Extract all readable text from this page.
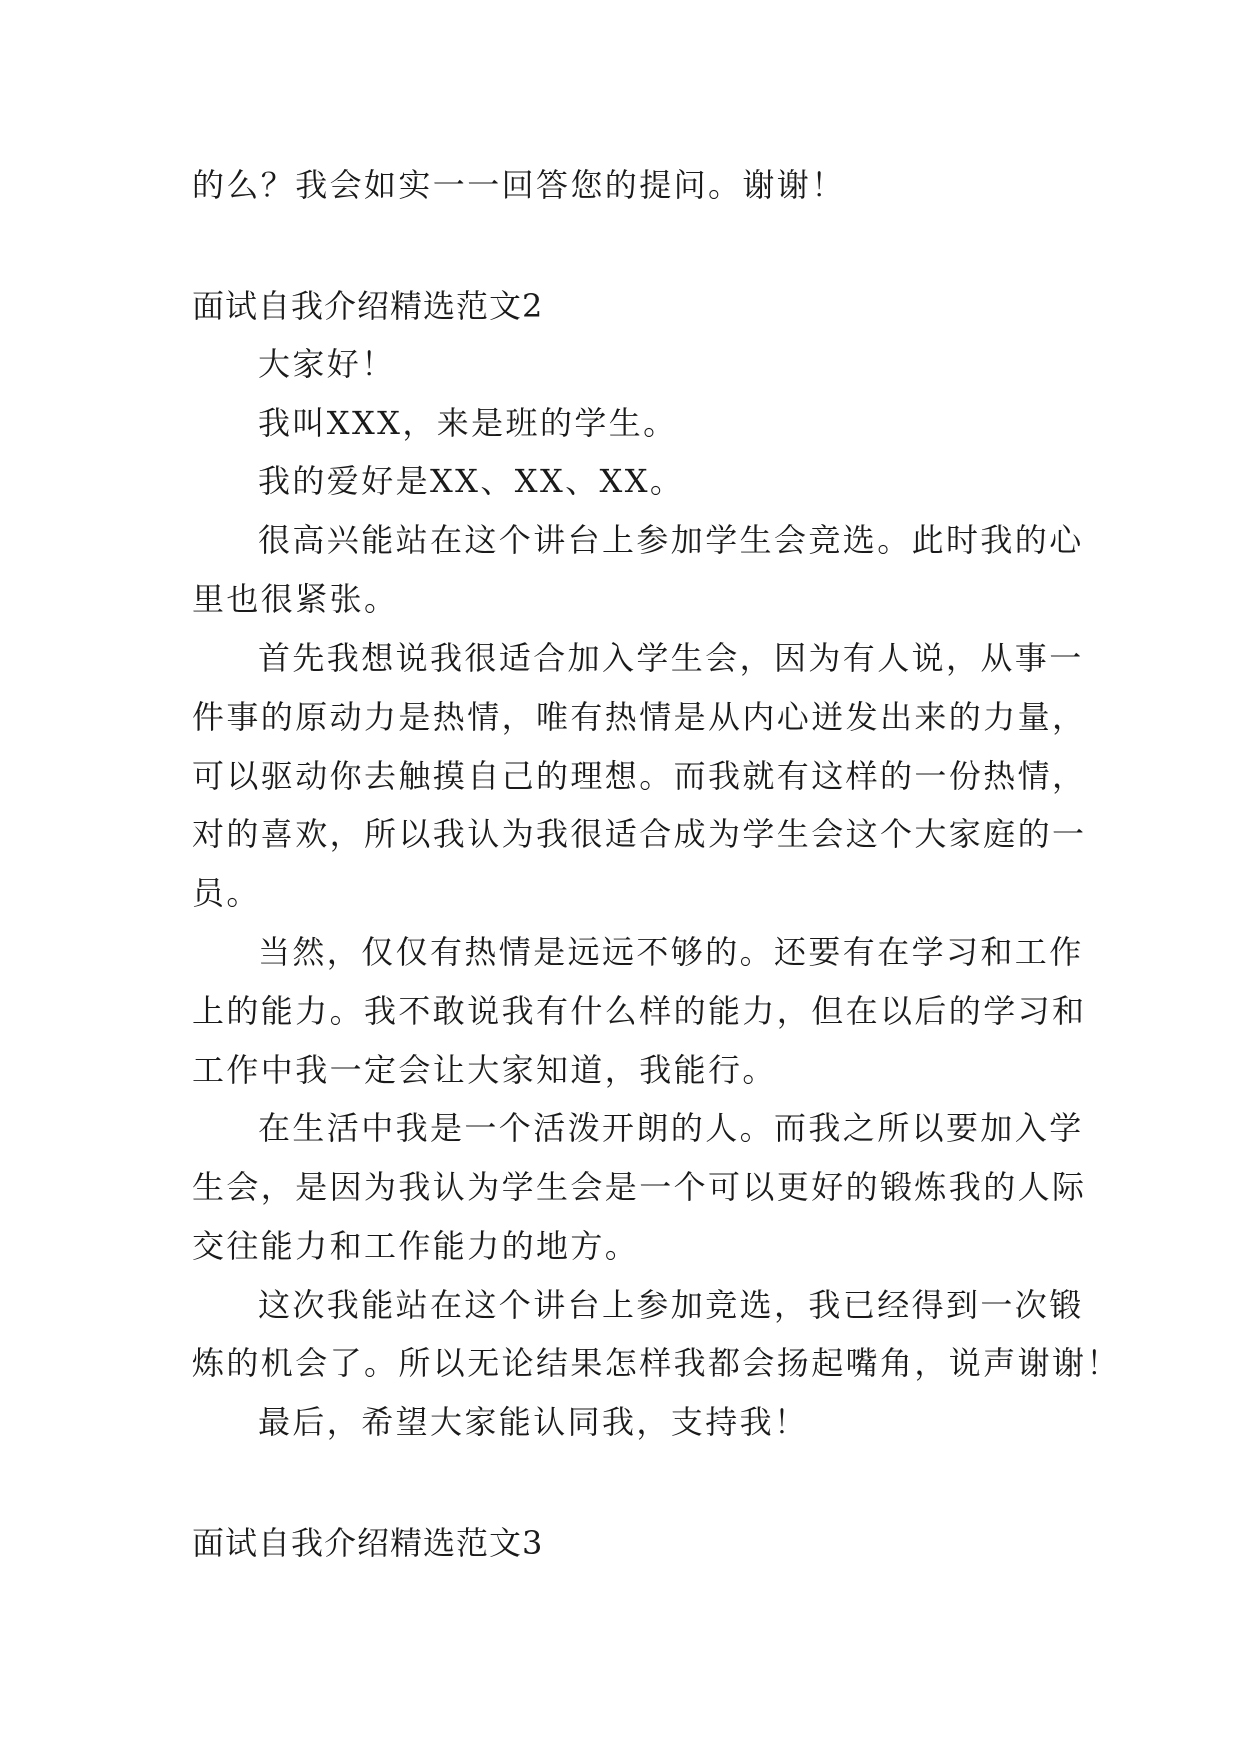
的么？我会如实一一回答您的提问。谢谢！
面试自我介绍精选范文2
大家好！
我叫XXX，来是班的学生。
我的爱好是XX、XX、XX。
很高兴能站在这个讲台上参加学生会竞选。此时我的心
里也很紧张。
首先我想说我很适合加入学生会，因为有人说，从事一
件事的原动力是热情，唯有热情是从内心迸发出来的力量，
可以驱动你去触摸自己的理想。而我就有这样的一份热情，
对的喜欢，所以我认为我很适合成为学生会这个大家庭的一
员。
当然，仅仅有热情是远远不够的。还要有在学习和工作
上的能力。我不敢说我有什么样的能力，但在以后的学习和
工作中我一定会让大家知道，我能行。
在生活中我是一个活泼开朗的人。而我之所以要加入学
生会，是因为我认为学生会是一个可以更好的锻炼我的人际
交往能力和工作能力的地方。
这次我能站在这个讲台上参加竞选，我已经得到一次锻
炼的机会了。所以无论结果怎样我都会扬起嘴角，说声谢谢！
最后，希望大家能认同我，支持我！
面试自我介绍精选范文3
